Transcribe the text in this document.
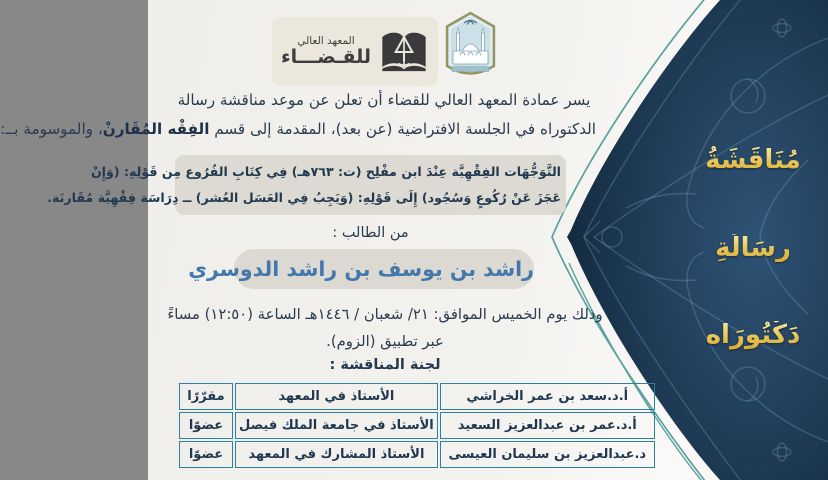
مُنَاقَشَةُ
رِسَالَةِ
دَكْتُورَاه
المعهد العالي
للقـضـــاء
يسر عمادة المعهد العالي للقضاء أن تعلن عن موعد مناقشة رسالة
الدكتوراه في الجلسة الافتراضية (عن بعد)، المقدمة إلى قسم الفِقْه المُقَارنْ، والموسومة بــ:
التَّوَجُّهَات الفِقْهِيَّة عِنْدَ ابن مفْلِح (ت: ٧٦٣هـ) فِي كِتَابِ الفُرُوع مِن قَوْلِهِ: (وَإِنْ
عَجَزَ عَنْ رُكُوعٍ وَسُجُود) إِلَى قَوْلِهِ: (وَيَجِبُ فِي العَسَل العُشر) ــ دِرَاسَة فِقْهِيَّة مُقَارنَة.
من الطالب :
راشد بن يوسف بن راشد الدوسري
وذلك يوم الخميس الموافق: ٢١/ شعبان / ١٤٤٦هـ الساعة (١٢:٥٠) مساءً
عبر تطبيق (الزوم).
لجنة المناقشة :
أ.د.سعد بن عمر الخراشي	الأستاذ في المعهد	مقرّرًا
أ.د.عمر بن عبدالعزيز السعيد	الأستاذ في جامعة الملك فيصل	عضوًا
د.عبدالعزيز بن سليمان العيسى	الأستاذ المشارك في المعهد	عضوًا
